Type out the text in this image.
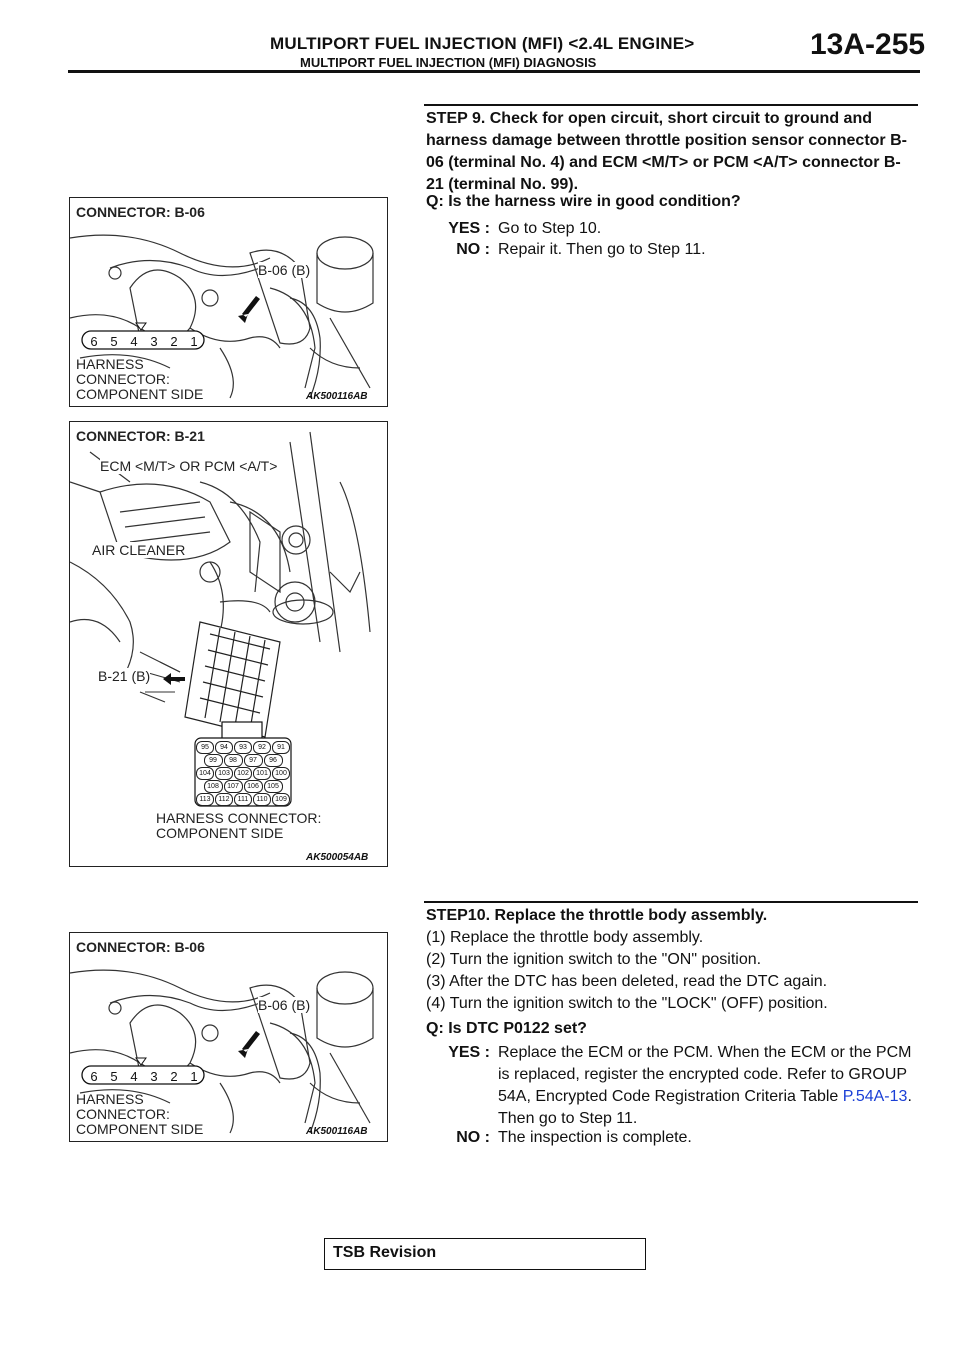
MULTIPORT FUEL INJECTION (MFI) <2.4L ENGINE>
MULTIPORT FUEL INJECTION (MFI) DIAGNOSIS
13A-255
STEP 9. Check for open circuit, short circuit to ground and harness damage between throttle position sensor connector B-06 (terminal No. 4) and ECM <M/T> or PCM <A/T> connector B-21 (terminal No. 99).
Q: Is the harness wire in good condition?
YES : Go to Step 10.
NO : Repair it. Then go to Step 11.
CONNECTOR: B-06
B-06 (B)
6 5 4 3 2 1
HARNESS
CONNECTOR:
COMPONENT SIDE	AK500116AB
CONNECTOR: B-21
ECM <M/T> OR PCM <A/T>
AIR CLEANER
B-21 (B)
95	94	93	92	91
99	98	97	96
104	103	102	101	100
108	107	106	105
113	112	111	110	109
HARNESS CONNECTOR:
COMPONENT SIDE
AK500054AB
STEP10. Replace the throttle body assembly.
(1) Replace the throttle body assembly.
(2) Turn the ignition switch to the "ON" position.
(3) After the DTC has been deleted, read the DTC again.
(4) Turn the ignition switch to the "LOCK" (OFF) position.
Q: Is DTC P0122 set?
YES : Replace the ECM or the PCM. When the ECM or the PCM is replaced, register the encrypted code. Refer to GROUP 54A, Encrypted Code Registration Criteria Table P.54A-13. Then go to Step 11.
NO : The inspection is complete.
CONNECTOR: B-06
B-06 (B)
6 5 4 3 2 1
HARNESS
CONNECTOR:
COMPONENT SIDE	AK500116AB
TSB Revision
